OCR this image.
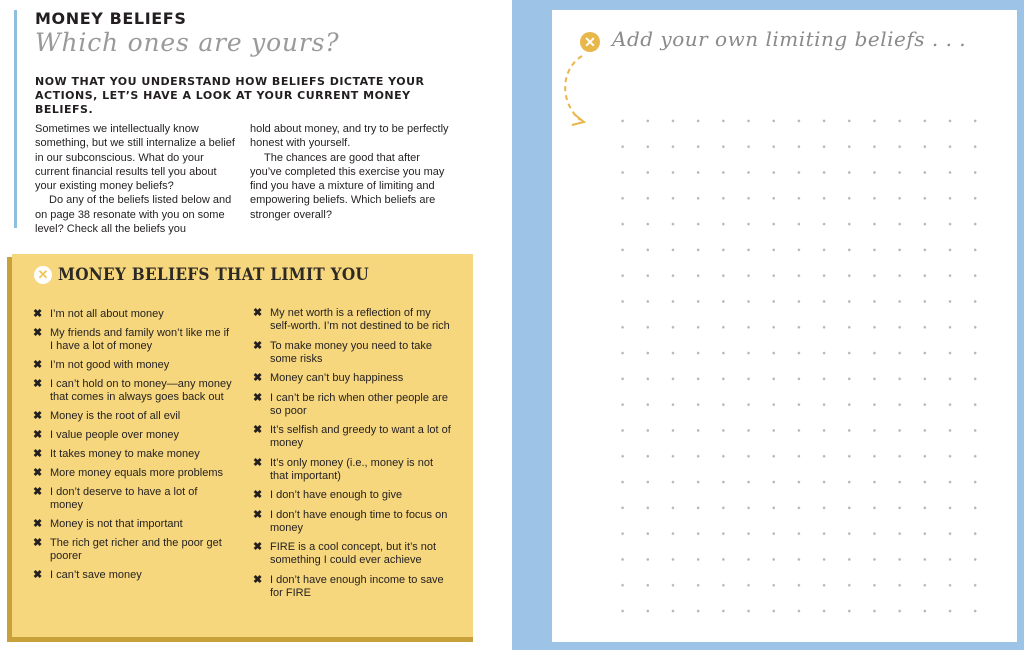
MONEY BELIEFS
Which ones are yours?
NOW THAT YOU UNDERSTAND HOW BELIEFS DICTATE YOUR ACTIONS, LET’S HAVE A LOOK AT YOUR CURRENT MONEY BELIEFS.

Sometimes we intellectually know something, but we still internalize a belief in our subconscious. What do your current financial results tell you about your existing money beliefs?

Do any of the beliefs listed below and on page 38 resonate with you on some level? Check all the beliefs you

hold about money, and try to be perfectly honest with yourself.

The chances are good that after you’ve completed this exercise you may find you have a mixture of limiting and empowering beliefs. Which beliefs are stronger overall?

✕ MONEY BELIEFS THAT LIMIT YOU
✖ I’m not all about money
✖ My friends and family won’t like me if I have a lot of money
✖ I’m not good with money
✖ I can’t hold on to money—any money that comes in always goes back out
✖ Money is the root of all evil
✖ I value people over money
✖ It takes money to make money
✖ More money equals more problems
✖ I don’t deserve to have a lot of money
✖ Money is not that important
✖ The rich get richer and the poor get poorer
✖ I can’t save money
✖ My net worth is a reflection of my self-worth. I’m not destined to be rich
✖ To make money you need to take some risks
✖ Money can’t buy happiness
✖ I can’t be rich when other people are so poor
✖ It’s selfish and greedy to want a lot of money
✖ It’s only money (i.e., money is not that important)
✖ I don’t have enough to give
✖ I don’t have enough time to focus on money
✖ FIRE is a cool concept, but it’s not something I could ever achieve
✖ I don’t have enough income to save for FIRE
✕ Add your own limiting beliefs . . .
